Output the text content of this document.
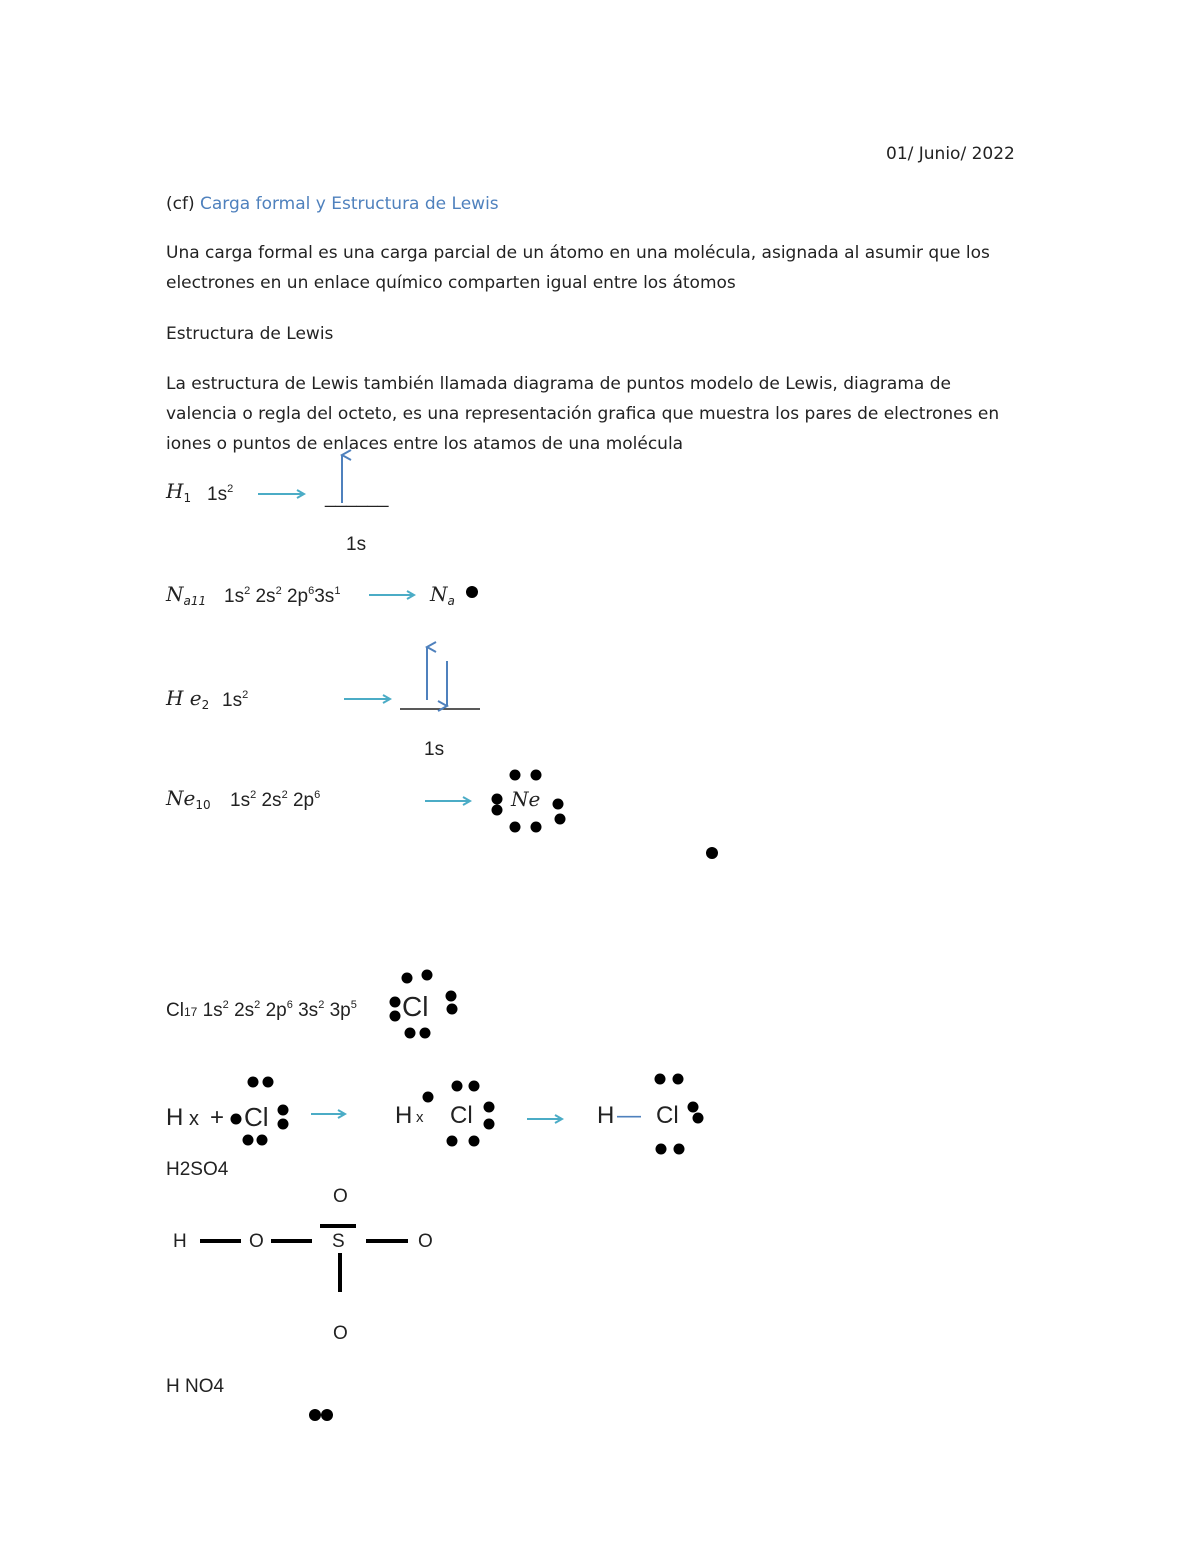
01/ Junio/ 2022
(cf) Carga formal y Estructura de Lewis
Una carga formal es una carga parcial de un átomo en una molécula, asignada al asumir que los
electrones en un enlace químico comparten igual entre los átomos
Estructura de Lewis
La estructura de Lewis también llamada diagrama de puntos modelo de Lewis, diagrama de
valencia o regla del octeto, es una representación grafica que muestra los pares de electrones en
iones o puntos de enlaces entre los atamos de una molécula
$H_1$ $1s^2$	______
1s
$N_{a11}$ $1s^2$ $2s^2$ $2p^63s^1$	$N_a$
H $e_2$ $1s^2$
1s
$Ne_{10}$ $1s^2$ $2s^2$ $2p^6$	Ne
Cl17 $1s^2$ $2s^2$ $2p^6$ $3s^2$ $3p^5$ Cl
H x + Cl	H x Cl	H — Cl
H2SO4
O
H	O	S	O
O
H NO4
